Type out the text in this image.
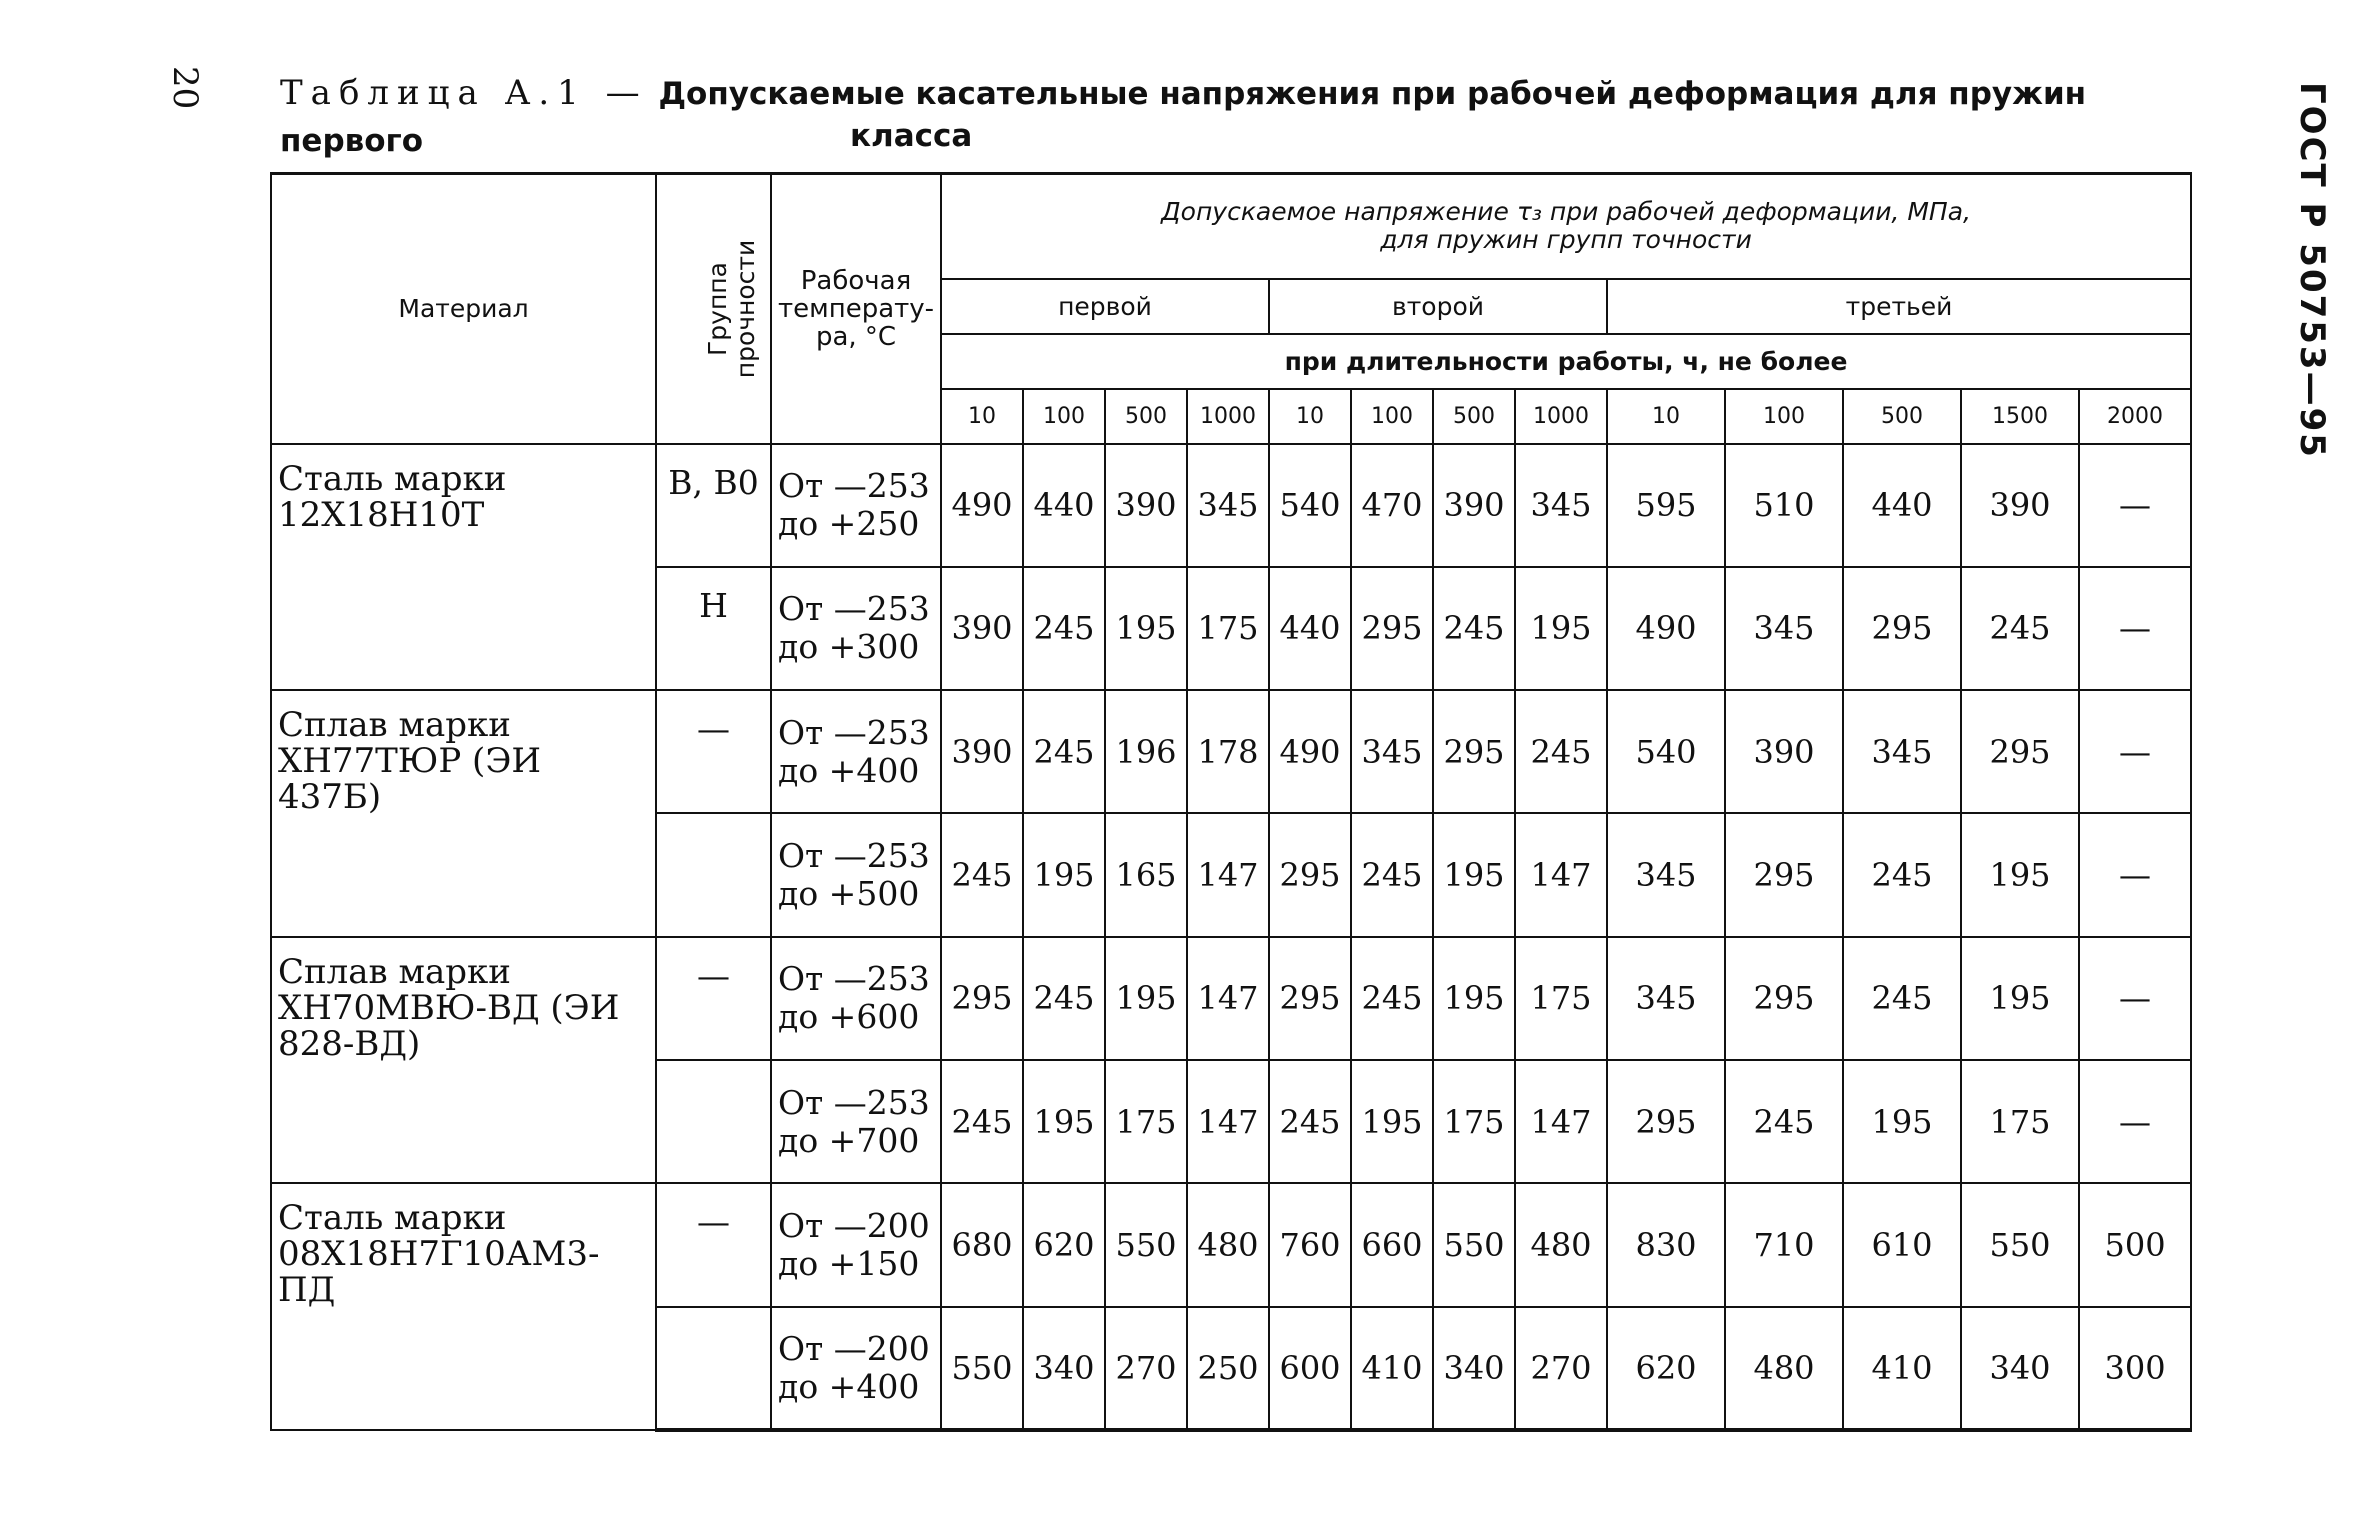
20 Таблица А.1 — Допускаемые касательные напряжения при рабочей деформация для пружин первого	класса	ГОСТ Р 50753—95
Материал	Группа прочности	Рабочая температу-ра, °С	Допускаемое напряжение τ₃ при рабочей деформации, МПа, для пружин групп точности												
			первой				второй				третьей				
			при длительности работы, ч, не более												
			10	100	500	1000	10	100	500	1000	10	100	500	1500	2000
Сталь марки 12Х18Н10Т	В, В0	От —253
до +250	490	440	390	345	540	470	390	345	595	510	440	390	—
	Н	От —253
до +300	390	245	195	175	440	295	245	195	490	345	295	245	—
Сплав марки ХН77ТЮР (ЭИ 437Б)	—	От —253
до +400	390	245	196	178	490	345	295	245	540	390	345	295	—

		От —253
до +500	245	195	165	147	295	245	195	147	345	295	245	195	—
Сплав марки ХН70МВЮ-ВД (ЭИ 828-ВД)	—	От —253
до +600	295	245	195	147	295	245	195	175	345	295	245	195	—

		От —253
до +700	245	195	175	147	245	195	175	147	295	245	195	175	—
Сталь марки 08Х18Н7Г10АМ3-ПД	—	От —200
до +150	680	620	550	480	760	660	550	480	830	710	610	550	500

		От —200
до +400	550	340	270	250	600	410	340	270	620	480	410	340	300
